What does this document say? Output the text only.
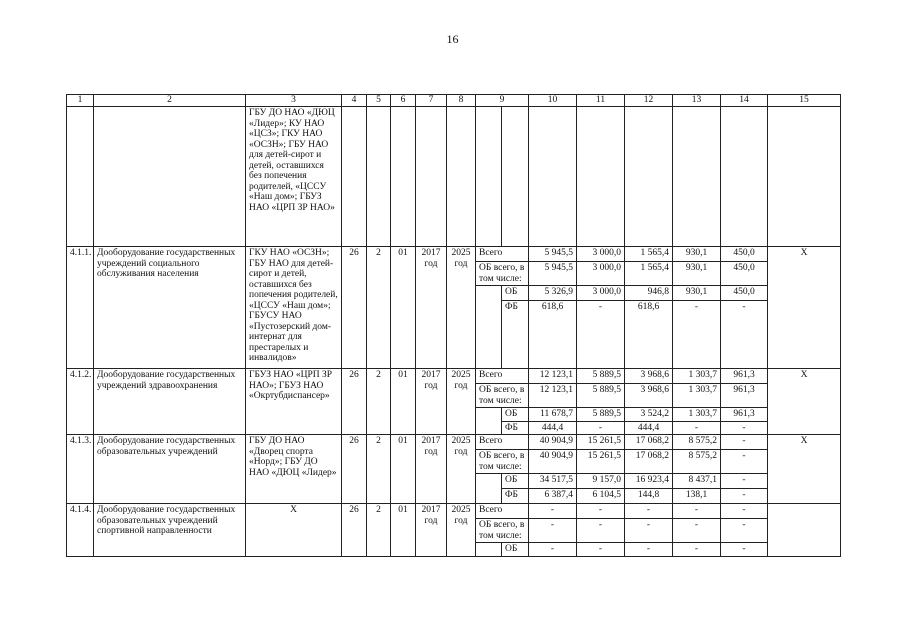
16
1	2	3	4	5	6	7	8	9		10	11	12	13	14	15
		ГБУ ДО НАО «ДЮЦ «Лидер»; КУ НАО «ЦСЗ»; ГКУ НАО «ОСЗН»; ГБУ НАО для детей-сирот и детей, оставшихся без попечения родителей, «ЦССУ «Наш дом»; ГБУЗ НАО «ЦРП ЗР НАО»													
4.1.1.	Дооборудование государственных учреждений социального обслуживания населения	ГКУ НАО «ОСЗН»; ГБУ НАО для детей-сирот и детей, оставшихся без попечения родителей, «ЦССУ «Наш дом»; ГБУСУ НАО «Пустозерский дом-интернат для престарелых и инвалидов»	26	2	01	2017 год	2025 год	Всего		5 945,5	3 000,0	1 565,4	930,1	450,0	X
								ОБ всего, в том числе:		5 945,5	3 000,0	1 565,4	930,1	450,0	
									ОБ	5 326,9	3 000,0	946,8	930,1	450,0	
									ФБ	618,6	-	618,6	-	-	
4.1.2.	Дооборудование государственных учреждений здравоохранения	ГБУЗ НАО «ЦРП ЗР НАО»; ГБУЗ НАО «Окртубдиспансер»	26	2	01	2017 год	2025 год	Всего		12 123,1	5 889,5	3 968,6	1 303,7	961,3	X
								ОБ всего, в том числе:		12 123,1	5 889,5	3 968,6	1 303,7	961,3	
									ОБ	11 678,7	5 889,5	3 524,2	1 303,7	961,3	
									ФБ	444,4	-	444,4	-	-	
4.1.3.	Дооборудование государственных образовательных учреждений	ГБУ ДО НАО «Дворец спорта «Норд»; ГБУ ДО НАО «ДЮЦ «Лидер»	26	2	01	2017 год	2025 год	Всего		40 904,9	15 261,5	17 068,2	8 575,2	-	X
								ОБ всего, в том числе:		40 904,9	15 261,5	17 068,2	8 575,2	-	
									ОБ	34 517,5	9 157,0	16 923,4	8 437,1	-	
									ФБ	6 387,4	6 104,5	144,8	138,1	-	
4.1.4.	Дооборудование государственных образовательных учреждений спортивной направленности	X	26	2	01	2017 год	2025 год	Всего		-	-	-	-	-	
								ОБ всего, в том числе:		-	-	-	-	-	
									ОБ	-	-	-	-	-	
